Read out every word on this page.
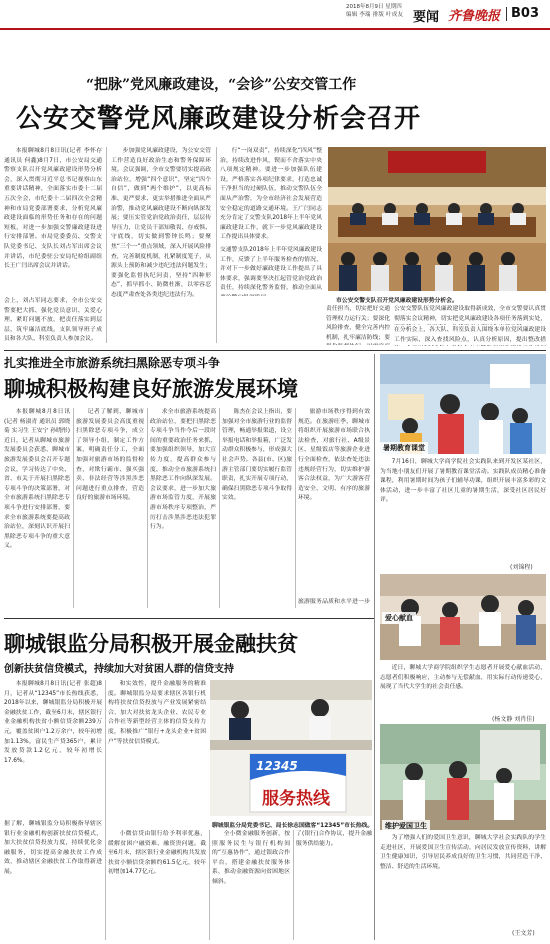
2018年8月9日 星期四
编辑 李瑞 排版 叶成友 要闻 齐鲁晚报 B03
“把脉”党风廉政建设，“会诊”公安交管工作
公安交警党风廉政建设分析会召开
本报聊城8月8日讯(记者 李怀存 通讯员 何鑫)8月7日，市公安局交通警察支队召开党风廉政建设形势分析会，深入贯彻习近平总书记视察山东重要讲话精神，全面落实市委十二届五次全会，市纪委十二届四次全会精神和市局党委部署要求，分析党风廉政建设面临的形势任务和存在的问题短板，对进一步加强交警廉政建设进行安排部署。市局党委委员、交警支队党委书记、支队长刘占军出席会议并讲话，市纪委驻公安局纪检组副组长王广闫出席会议并讲话。
步加强党风廉政建设，为公安交管工作营造良好政治生态和警务保障环境。会议强调，全市交警要切实提高政治站位，增强“四个意识”，坚定“四个自信”，做到“两个维护”，以更高标准、更严要求、更实举措推进全面从严治警，推动党风廉政建设不断向纵深发展；要压实管党治党政治责任，层层传导压力，让党员干部知敬畏、存戒惧、守底线，切实做到警钟长鸣；要聚焦“三个一”重点领域，深入开展风险排查，完善制度机制，扎紧制度笼子，从源头上预防和减少违纪违法问题发生；要强化监督执纪问责，坚持“四种形态”，抓早抓小、防微杜渐，以零容忍态度严肃查处各类违纪违法行为。
行“一岗双责”，持续深化“四风”整治，持续改进作风，锲而不舍落实中央八项规定精神。要进一步加强队伍建设，严格落实各项纪律要求，打造忠诚干净担当的过硬队伍，推动交警队伍全面从严治警，为全市经济社会发展营造安全稳定的道路交通环境。王广闫同志充分肯定了交警支队2018年上半年党风廉政建设工作，就下一步党风廉政建设工作提出具体要求。
会上，刘占军同志要求，全市公安交警要把大抓、强化党员意识、关爱心理、紧盯问题不放，把责任落实到层层，筑牢廉洁底线。支队领导班子成员和各大队、科室负责人参加会议。
交通警支队2018年上半年党风廉政建设工作，反馈了上半年服务检查的情况，并对下一步做好廉政建设工作提出了具体要求，强调要坚决扛起管党治党政治责任，持续深化警务监督，推动全面从
责任担当，切实把好交通管理权力运行关；要深化风险排查，健全完善内控机制，扎牢廉洁防线；要
公安交警队伍党风廉政建设取得新成效，全市交警要认真贯彻落实会议精神，切实把党风廉政建设各项任务落到实处，
在分析会上，各大队、科室负责人围绕本单位党风廉政建设工作实际，深入查找风险点，认真分析原因，提出整改措
市公安交警支队召开党风廉政建设形势分析会。
扎实推进全市旅游系统扫黑除恶专项斗争
聊城积极构建良好旅游发展环境
本报聊城8月8日讯(记者 杨淑青 通讯员 郭晓菊 实习生 王安宁 孙晓彤)近日，记者从聊城市旅游发展委员会获悉，聊城市旅游发展委员会召开专题会议，学习传达了中央、省、市关于开展扫黑除恶专项斗争的决策部署，对全市旅游系统扫黑除恶专项斗争进行安排部署，要求全市旅游系统要提高政治站位，深刻认识开展扫黑除恶专项斗争的重大意义。
记者了解到，聊城市旅游发展委员会高度重视扫黑除恶专项斗争，成立了领导小组，制定工作方案，明确责任分工，全面加强对旅游市场的监督检查，对欺行霸市、强买强卖、非法经营等涉黑涉恶问题进行重点排查，营造良好的旅游市场环境。
求全市旅游系统提高政治站位，要把扫黑除恶专项斗争当作今后一段时间的重要政治任务来抓，要加强组织领导，加大宣传力度，提高群众参与度，推动全市旅游系统扫黑除恶工作向纵深发展。会议要求，进一步加大旅游市场监管力度，开展旅游市场秩序专项整治，严厉打击涉黑涉恶违法犯罪行为。
陈杰在会议上指出，要加强对全市旅游行业的监督管理，畅通举报渠道，设立举报电话和举报箱，广泛发动群众积极参与，形成强大社会声势。各县(市、区)旅游主管部门要切实履行监管职责，扎实开展专项行动，确保扫黑除恶专项斗争取得实效。
旅游市场秩序得到有效规范。在旅游旺季，聊城市将组织开展旅游市场联合执法检查，对旅行社、A级景区、星级饭店等旅游企业进行全面检查，依法查处违法违规经营行为，切实维护游客合法权益，为广大游客营造安全、文明、有序的旅游环境。
旅游服务品质和水平进一步
聊城银监分局积极开展金融扶贫
创新扶贫信贷模式，持续加大对贫困人群的信贷支持
本报聊城8月8日讯(记者 张超)8月，记者从“12345”市长热线获悉，2018年以来，聊城银监分局积极开展金融扶贫工作，截至6月末，辖区银行业金融机构扶贫小额信贷余额239万元，覆盖贫困户1.2万余户，较年初增加1.13%，富民生产贷365户，累计发放贷款1.2亿元，较年初增长17.6%。
和实效性，提升金融服务的精准度。聊城银监分局要求辖区各银行机构将扶贫信贷投放与产业发展紧密结合，加大对扶贫龙头企业、农民专业合作社等新型经营主体的信贷支持力度，积极推广“银行+龙头企业+贫困户”等扶贫信贷模式。
据了解，聊城银监分局积极指导辖区银行业金融机构创新扶贫信贷模式，加大扶贫信贷投放力度，持续优化金融服务，切实提高金融扶贫工作成效，推动辖区金融扶贫工作取得新进展。
12345
服务热线
聊城银监分局党委书记、局长徐志国做客“12345”市长热线。
小微信贷由银行给予利率优惠，缓解贫困户融资难、融资贵问题。截至6月末，辖区银行业金融机构共发放扶贫小额信贷余额约61.5亿元，较年初增加14.77亿元。
全小微金融服务创新，按照服务民生与银行机构间的“互惠协作”，通过银政合作平台，搭建金融扶贫服务体系，推动金融资源向贫困地区倾斜。
了(银行)合作协议，提升金融服务供给能力。
暑期教育课堂
7月16日，聊城大学商学院社会实践队来到开发区某社区，为当地小朋友们开展了暑期教育课堂活动。实践队成员精心准备课程，利用暑期时间为孩子们辅导功课，组织开展丰富多彩的文体活动，进一步丰富了社区儿童的暑期生活，深受社区居民好评。
(刘锦程)
爱心献血
近日，聊城大学商学院组织学生志愿者开展爱心献血活动，志愿者们积极响应，主动参与无偿献血，用实际行动传递爱心，展现了当代大学生的社会责任感。
(杨文静 刘肖佳)
维护爱国卫生
为了增强人们的爱国卫生意识，聊城大学社会实践队的学生走进社区，开展爱国卫生宣传活动，向居民发放宣传资料，讲解卫生健康知识，引导居民养成良好的卫生习惯，共同营造干净、整洁、舒适的生活环境。
(王文芳)
